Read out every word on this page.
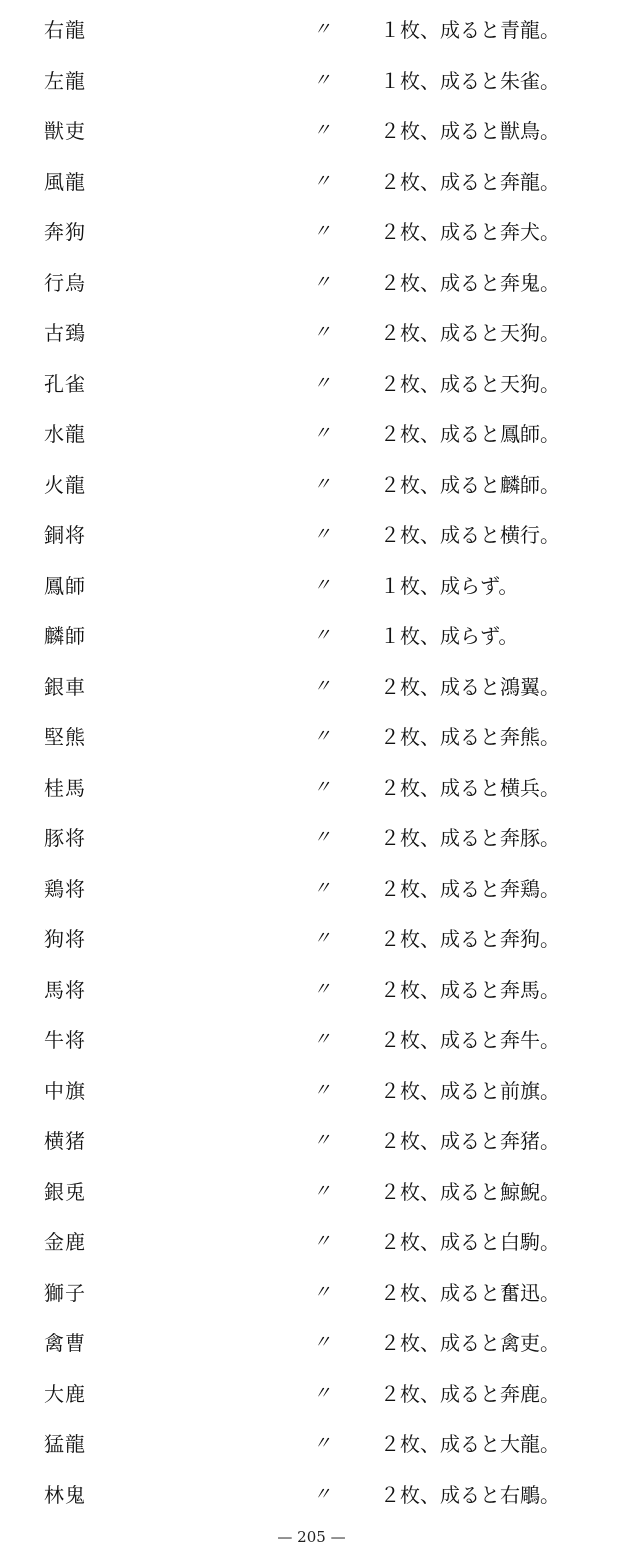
右龍	〃 １枚、成ると青龍。
左龍	〃 １枚、成ると朱雀。
獣吏	〃 ２枚、成ると獣鳥。
風龍	〃 ２枚、成ると奔龍。
奔狗	〃 ２枚、成ると奔犬。
行烏	〃 ２枚、成ると奔鬼。
古鵄	〃 ２枚、成ると天狗。
孔雀	〃 ２枚、成ると天狗。
水龍	〃 ２枚、成ると鳳師。
火龍	〃 ２枚、成ると麟師。
銅将	〃 ２枚、成ると横行。
鳳師	〃 １枚、成らず。
麟師	〃 １枚、成らず。
銀車	〃 ２枚、成ると鴻翼。
堅熊	〃 ２枚、成ると奔熊。
桂馬	〃 ２枚、成ると横兵。
豚将	〃 ２枚、成ると奔豚。
鶏将	〃 ２枚、成ると奔鶏。
狗将	〃 ２枚、成ると奔狗。
馬将	〃 ２枚、成ると奔馬。
牛将	〃 ２枚、成ると奔牛。
中旗	〃 ２枚、成ると前旗。
横猪	〃 ２枚、成ると奔猪。
銀兎	〃 ２枚、成ると鯨鯢。
金鹿	〃 ２枚、成ると白駒。
獅子	〃 ２枚、成ると奮迅。
禽曹	〃 ２枚、成ると禽吏。
大鹿	〃 ２枚、成ると奔鹿。
猛龍	〃 ２枚、成ると大龍。
林鬼	〃 ２枚、成ると右鵰。
— 205 —
